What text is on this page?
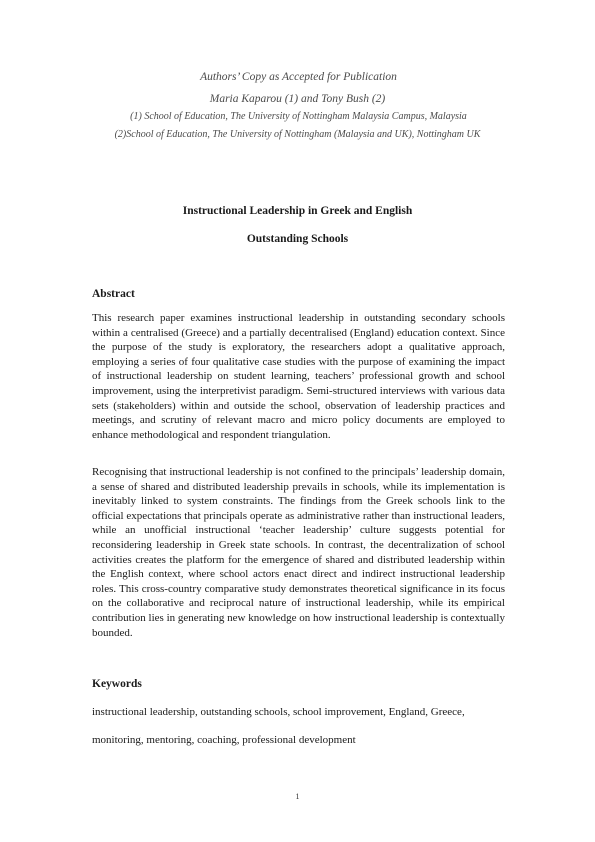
Authors’ Copy as Accepted for Publication
Maria Kaparou (1) and Tony Bush (2)
(1) School of Education, The University of Nottingham Malaysia Campus, Malaysia
(2)School of Education, The University of Nottingham (Malaysia and UK), Nottingham UK
Instructional Leadership in Greek and English
Outstanding Schools
Abstract
This research paper examines instructional leadership in outstanding secondary schools within a centralised (Greece) and a partially decentralised (England) education context. Since the purpose of the study is exploratory, the researchers adopt a qualitative approach, employing a series of four qualitative case studies with the purpose of examining the impact of instructional leadership on student learning, teachers’ professional growth and school improvement, using the interpretivist paradigm. Semi-structured interviews with various data sets (stakeholders) within and outside the school, observation of leadership practices and meetings, and scrutiny of relevant macro and micro policy documents are employed to enhance methodological and respondent triangulation.
Recognising that instructional leadership is not confined to the principals’ leadership domain, a sense of shared and distributed leadership prevails in schools, while its implementation is inevitably linked to system constraints. The findings from the Greek schools link to the official expectations that principals operate as administrative rather than instructional leaders, while an unofficial instructional ‘teacher leadership’ culture suggests potential for reconsidering leadership in Greek state schools. In contrast, the decentralization of school activities creates the platform for the emergence of shared and distributed leadership within the English context, where school actors enact direct and indirect instructional leadership roles. This cross-country comparative study demonstrates theoretical significance in its focus on the collaborative and reciprocal nature of instructional leadership, while its empirical contribution lies in generating new knowledge on how instructional leadership is contextually bounded.
Keywords
instructional leadership, outstanding schools, school improvement, England, Greece,
monitoring, mentoring, coaching, professional development
1
